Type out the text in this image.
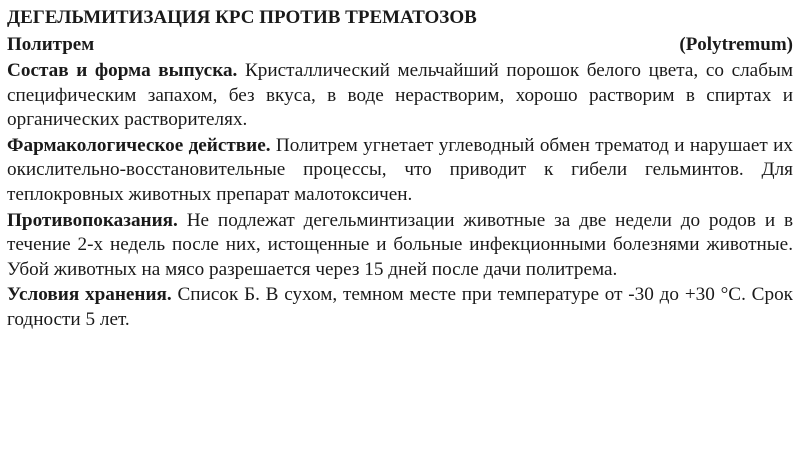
ДЕГЕЛЬМИТИЗАЦИЯ КРС ПРОТИВ ТРЕМАТОЗОВ
Политрем	(Polytremum)

Состав и форма выпуска. Кристаллический мельчайший порошок белого цвета, со слабым специфическим запахом, без вкуса, в воде нерастворим, хорошо растворим в спиртах и органических растворителях.

Фармакологическое действие. Политрем угнетает углеводный обмен трематод и нарушает их окислительно-восстановительные процессы, что приводит к гибели гельминтов. Для теплокровных животных препарат малотоксичен.

Противопоказания. Не подлежат дегельминтизации животные за две недели до родов и в течение 2-х недель после них, истощенные и больные инфекционными болезнями животные. Убой животных на мясо разрешается через 15 дней после дачи политрема.

Условия хранения. Список Б. В сухом, темном месте при температуре от -30 до +30 °С. Срок годности 5 лет.
